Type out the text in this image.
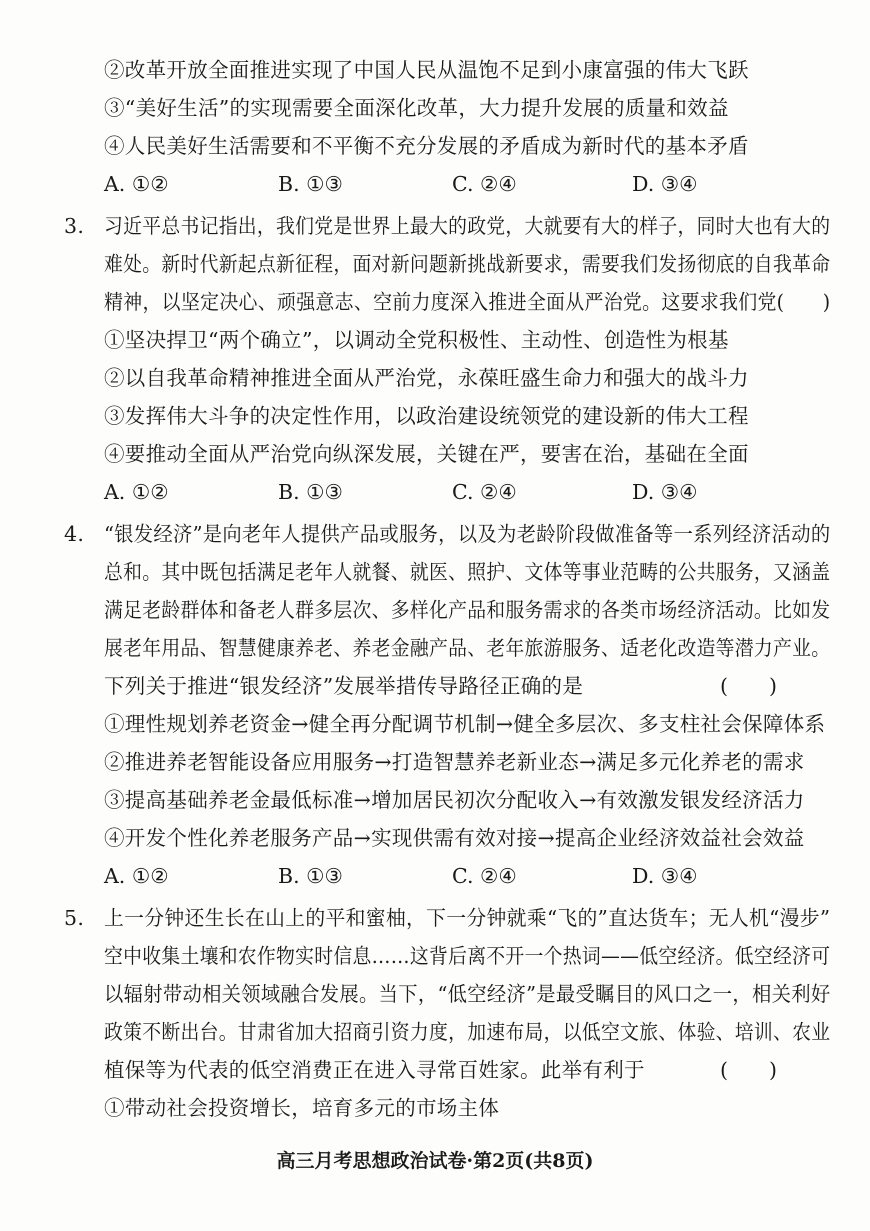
②改革开放全面推进实现了中国人民从温饱不足到小康富强的伟大飞跃
③“美好生活”的实现需要全面深化改革，大力提升发展的质量和效益
④人民美好生活需要和不平衡不充分发展的矛盾成为新时代的基本矛盾
A. ①②	B. ①③	C. ②④	D. ③④
3. 习近平总书记指出，我们党是世界上最大的政党，大就要有大的样子，同时大也有大的
难处。新时代新起点新征程，面对新问题新挑战新要求，需要我们发扬彻底的自我革命
精神，以坚定决心、顽强意志、空前力度深入推进全面从严治党。这要求我们党(　　)
①坚决捍卫“两个确立”，以调动全党积极性、主动性、创造性为根基
②以自我革命精神推进全面从严治党，永葆旺盛生命力和强大的战斗力
③发挥伟大斗争的决定性作用，以政治建设统领党的建设新的伟大工程
④要推动全面从严治党向纵深发展，关键在严，要害在治，基础在全面
A. ①②	B. ①③	C. ②④	D. ③④
4. “银发经济”是向老年人提供产品或服务，以及为老龄阶段做准备等一系列经济活动的
总和。其中既包括满足老年人就餐、就医、照护、文体等事业范畴的公共服务，又涵盖
满足老龄群体和备老人群多层次、多样化产品和服务需求的各类市场经济活动。比如发
展老年用品、智慧健康养老、养老金融产品、老年旅游服务、适老化改造等潜力产业。
下列关于推进“银发经济”发展举措传导路径正确的是	(　　)
①理性规划养老资金→健全再分配调节机制→健全多层次、多支柱社会保障体系
②推进养老智能设备应用服务→打造智慧养老新业态→满足多元化养老的需求
③提高基础养老金最低标准→增加居民初次分配收入→有效激发银发经济活力
④开发个性化养老服务产品→实现供需有效对接→提高企业经济效益社会效益
A. ①②	B. ①③	C. ②④	D. ③④
5. 上一分钟还生长在山上的平和蜜柚，下一分钟就乘“飞的”直达货车；无人机“漫步”
空中收集土壤和农作物实时信息……这背后离不开一个热词——低空经济。低空经济可
以辐射带动相关领域融合发展。当下，“低空经济”是最受瞩目的风口之一，相关利好
政策不断出台。甘肃省加大招商引资力度，加速布局，以低空文旅、体验、培训、农业
植保等为代表的低空消费正在进入寻常百姓家。此举有利于	(　　)
①带动社会投资增长，培育多元的市场主体
高三月考思想政治试卷·第2页(共8页)
